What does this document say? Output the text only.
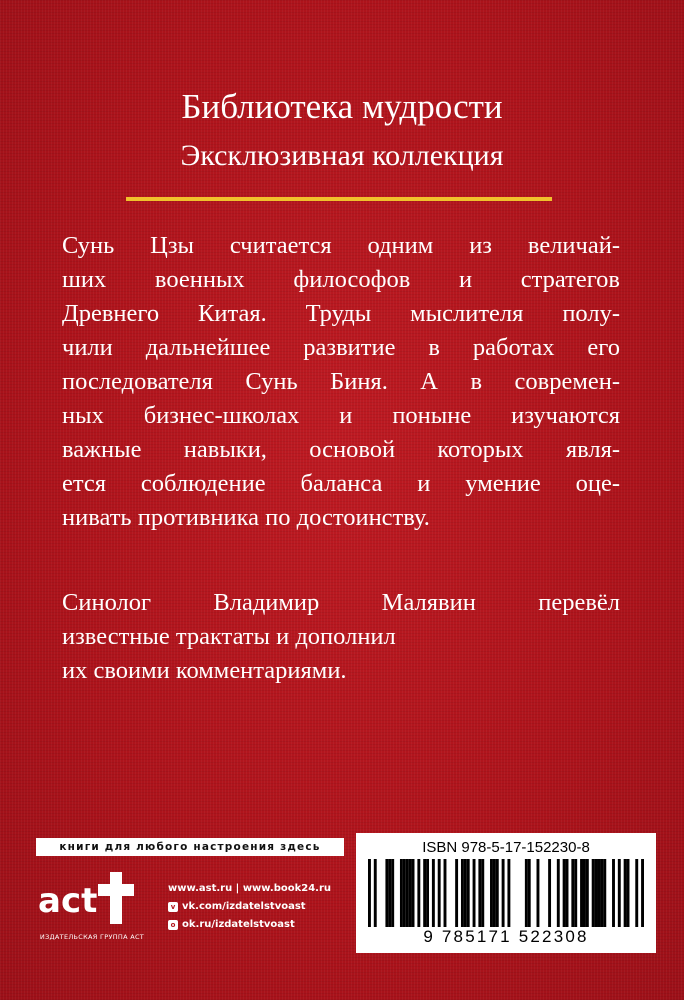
Библиотека мудрости
Эксклюзивная коллекция
Сунь Цзы считается одним из величай-
ших военных философов и стратегов
Древнего Китая. Труды мыслителя полу-
чили дальнейшее развитие в работах его
последователя Сунь Биня. А в современ-
ных бизнес-школах и поныне изучаются
важные навыки, основой которых явля-
ется соблюдение баланса и умение оце-
нивать противника по достоинству.
Синолог Владимир Малявин перевёл
известные трактаты и дополнил
их своими комментариями.
книги для любого настроения здесь
act
ИЗДАТЕЛЬСКАЯ ГРУППА АСТ
www.ast.ru | www.book24.ru
v vk.com/izdatelstvoast
o ok.ru/izdatelstvoast
ISBN 978-5-17-152230-8
9 785171 522308
